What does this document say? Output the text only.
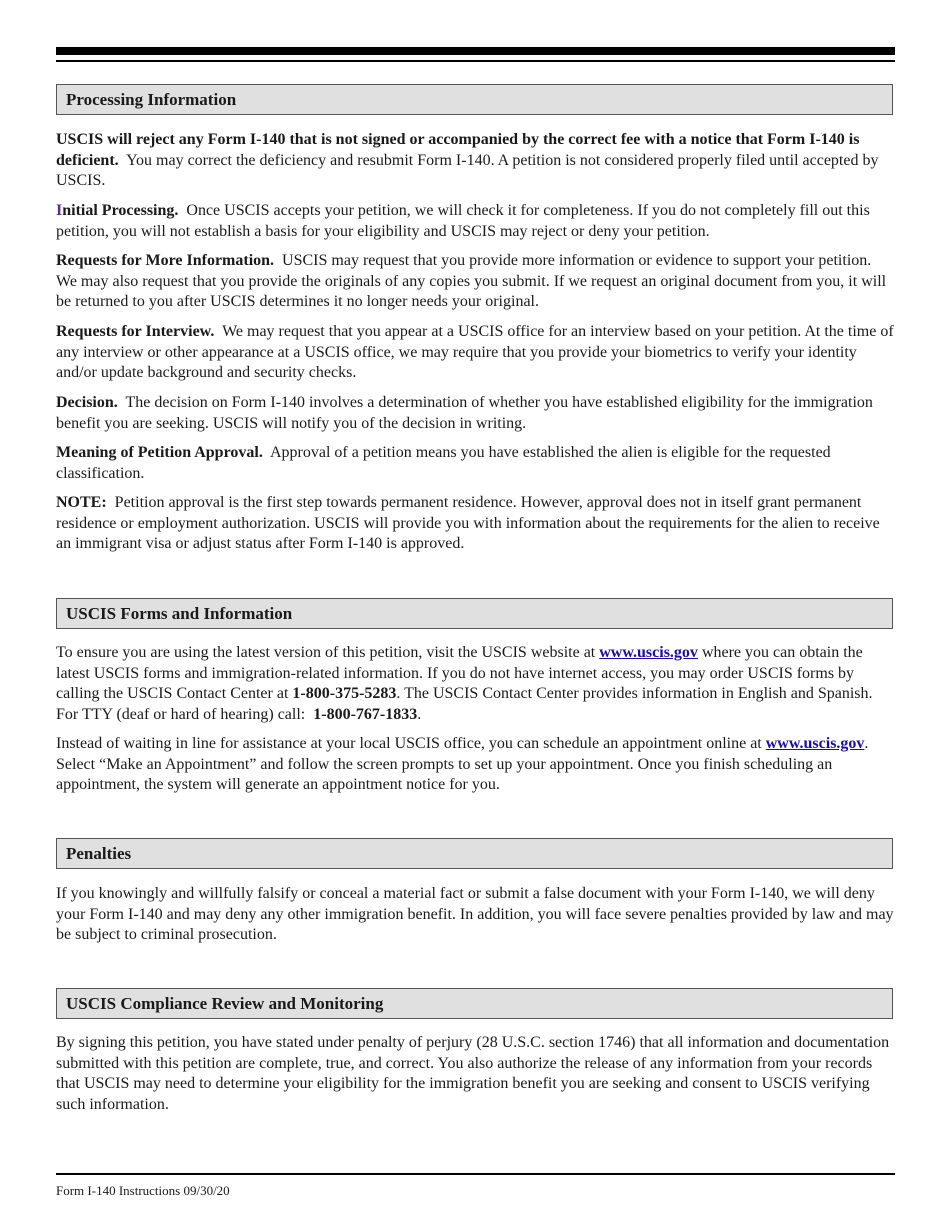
Processing Information

USCIS will reject any Form I-140 that is not signed or accompanied by the correct fee with a notice that Form I-140 is deficient. You may correct the deficiency and resubmit Form I-140. A petition is not considered properly filed until accepted by USCIS.

Initial Processing. Once USCIS accepts your petition, we will check it for completeness. If you do not completely fill out this petition, you will not establish a basis for your eligibility and USCIS may reject or deny your petition.

Requests for More Information. USCIS may request that you provide more information or evidence to support your petition. We may also request that you provide the originals of any copies you submit. If we request an original document from you, it will be returned to you after USCIS determines it no longer needs your original.

Requests for Interview. We may request that you appear at a USCIS office for an interview based on your petition. At the time of any interview or other appearance at a USCIS office, we may require that you provide your biometrics to verify your identity and/or update background and security checks.

Decision. The decision on Form I-140 involves a determination of whether you have established eligibility for the immigration benefit you are seeking. USCIS will notify you of the decision in writing.

Meaning of Petition Approval. Approval of a petition means you have established the alien is eligible for the requested classification.

NOTE: Petition approval is the first step towards permanent residence. However, approval does not in itself grant permanent residence or employment authorization. USCIS will provide you with information about the requirements for the alien to receive an immigrant visa or adjust status after Form I-140 is approved.

USCIS Forms and Information

To ensure you are using the latest version of this petition, visit the USCIS website at www.uscis.gov where you can obtain the latest USCIS forms and immigration-related information. If you do not have internet access, you may order USCIS forms by calling the USCIS Contact Center at 1-800-375-5283. The USCIS Contact Center provides information in English and Spanish. For TTY (deaf or hard of hearing) call: 1-800-767-1833.

Instead of waiting in line for assistance at your local USCIS office, you can schedule an appointment online at www.uscis.gov. Select “Make an Appointment” and follow the screen prompts to set up your appointment. Once you finish scheduling an appointment, the system will generate an appointment notice for you.

Penalties

If you knowingly and willfully falsify or conceal a material fact or submit a false document with your Form I-140, we will deny your Form I-140 and may deny any other immigration benefit. In addition, you will face severe penalties provided by law and may be subject to criminal prosecution.

USCIS Compliance Review and Monitoring

By signing this petition, you have stated under penalty of perjury (28 U.S.C. section 1746) that all information and documentation submitted with this petition are complete, true, and correct. You also authorize the release of any information from your records that USCIS may need to determine your eligibility for the immigration benefit you are seeking and consent to USCIS verifying such information.

Form I-140 Instructions 09/30/20
